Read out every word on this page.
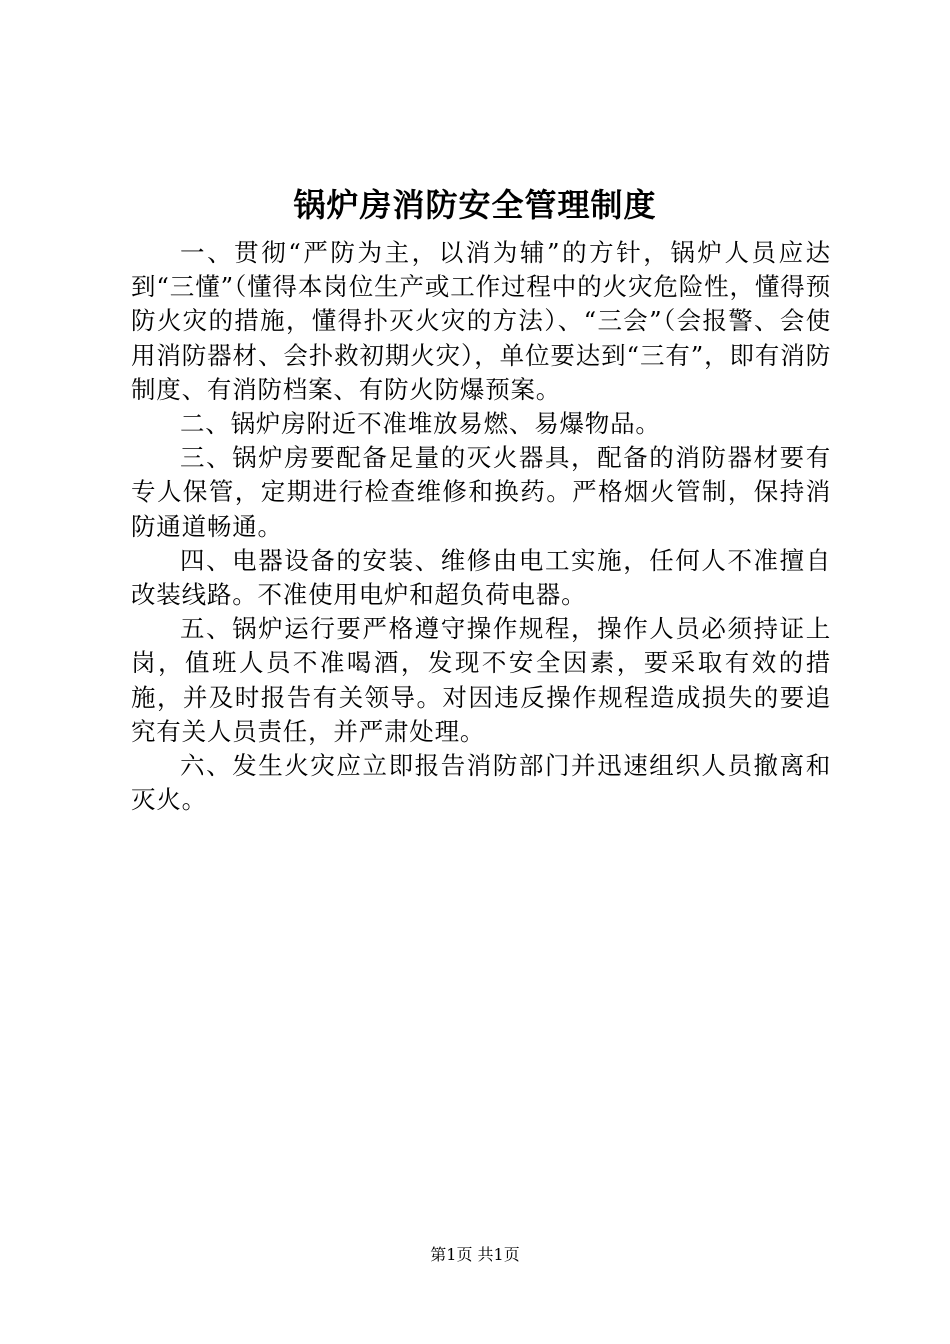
锅炉房消防安全管理制度

一、贯彻“严防为主，以消为辅”的方针，锅炉人员应达到“三懂”（懂得本岗位生产或工作过程中的火灾危险性，懂得预防火灾的措施，懂得扑灭火灾的方法）、“三会”（会报警、会使用消防器材、会扑救初期火灾），单位要达到“三有”，即有消防制度、有消防档案、有防火防爆预案。

二、锅炉房附近不准堆放易燃、易爆物品。

三、锅炉房要配备足量的灭火器具，配备的消防器材要有专人保管，定期进行检查维修和换药。严格烟火管制，保持消防通道畅通。

四、电器设备的安装、维修由电工实施，任何人不准擅自改装线路。不准使用电炉和超负荷电器。

五、锅炉运行要严格遵守操作规程，操作人员必须持证上岗，值班人员不准喝酒，发现不安全因素，要采取有效的措施，并及时报告有关领导。对因违反操作规程造成损失的要追究有关人员责任，并严肃处理。

六、发生火灾应立即报告消防部门并迅速组织人员撤离和灭火。

第1页 共1页
